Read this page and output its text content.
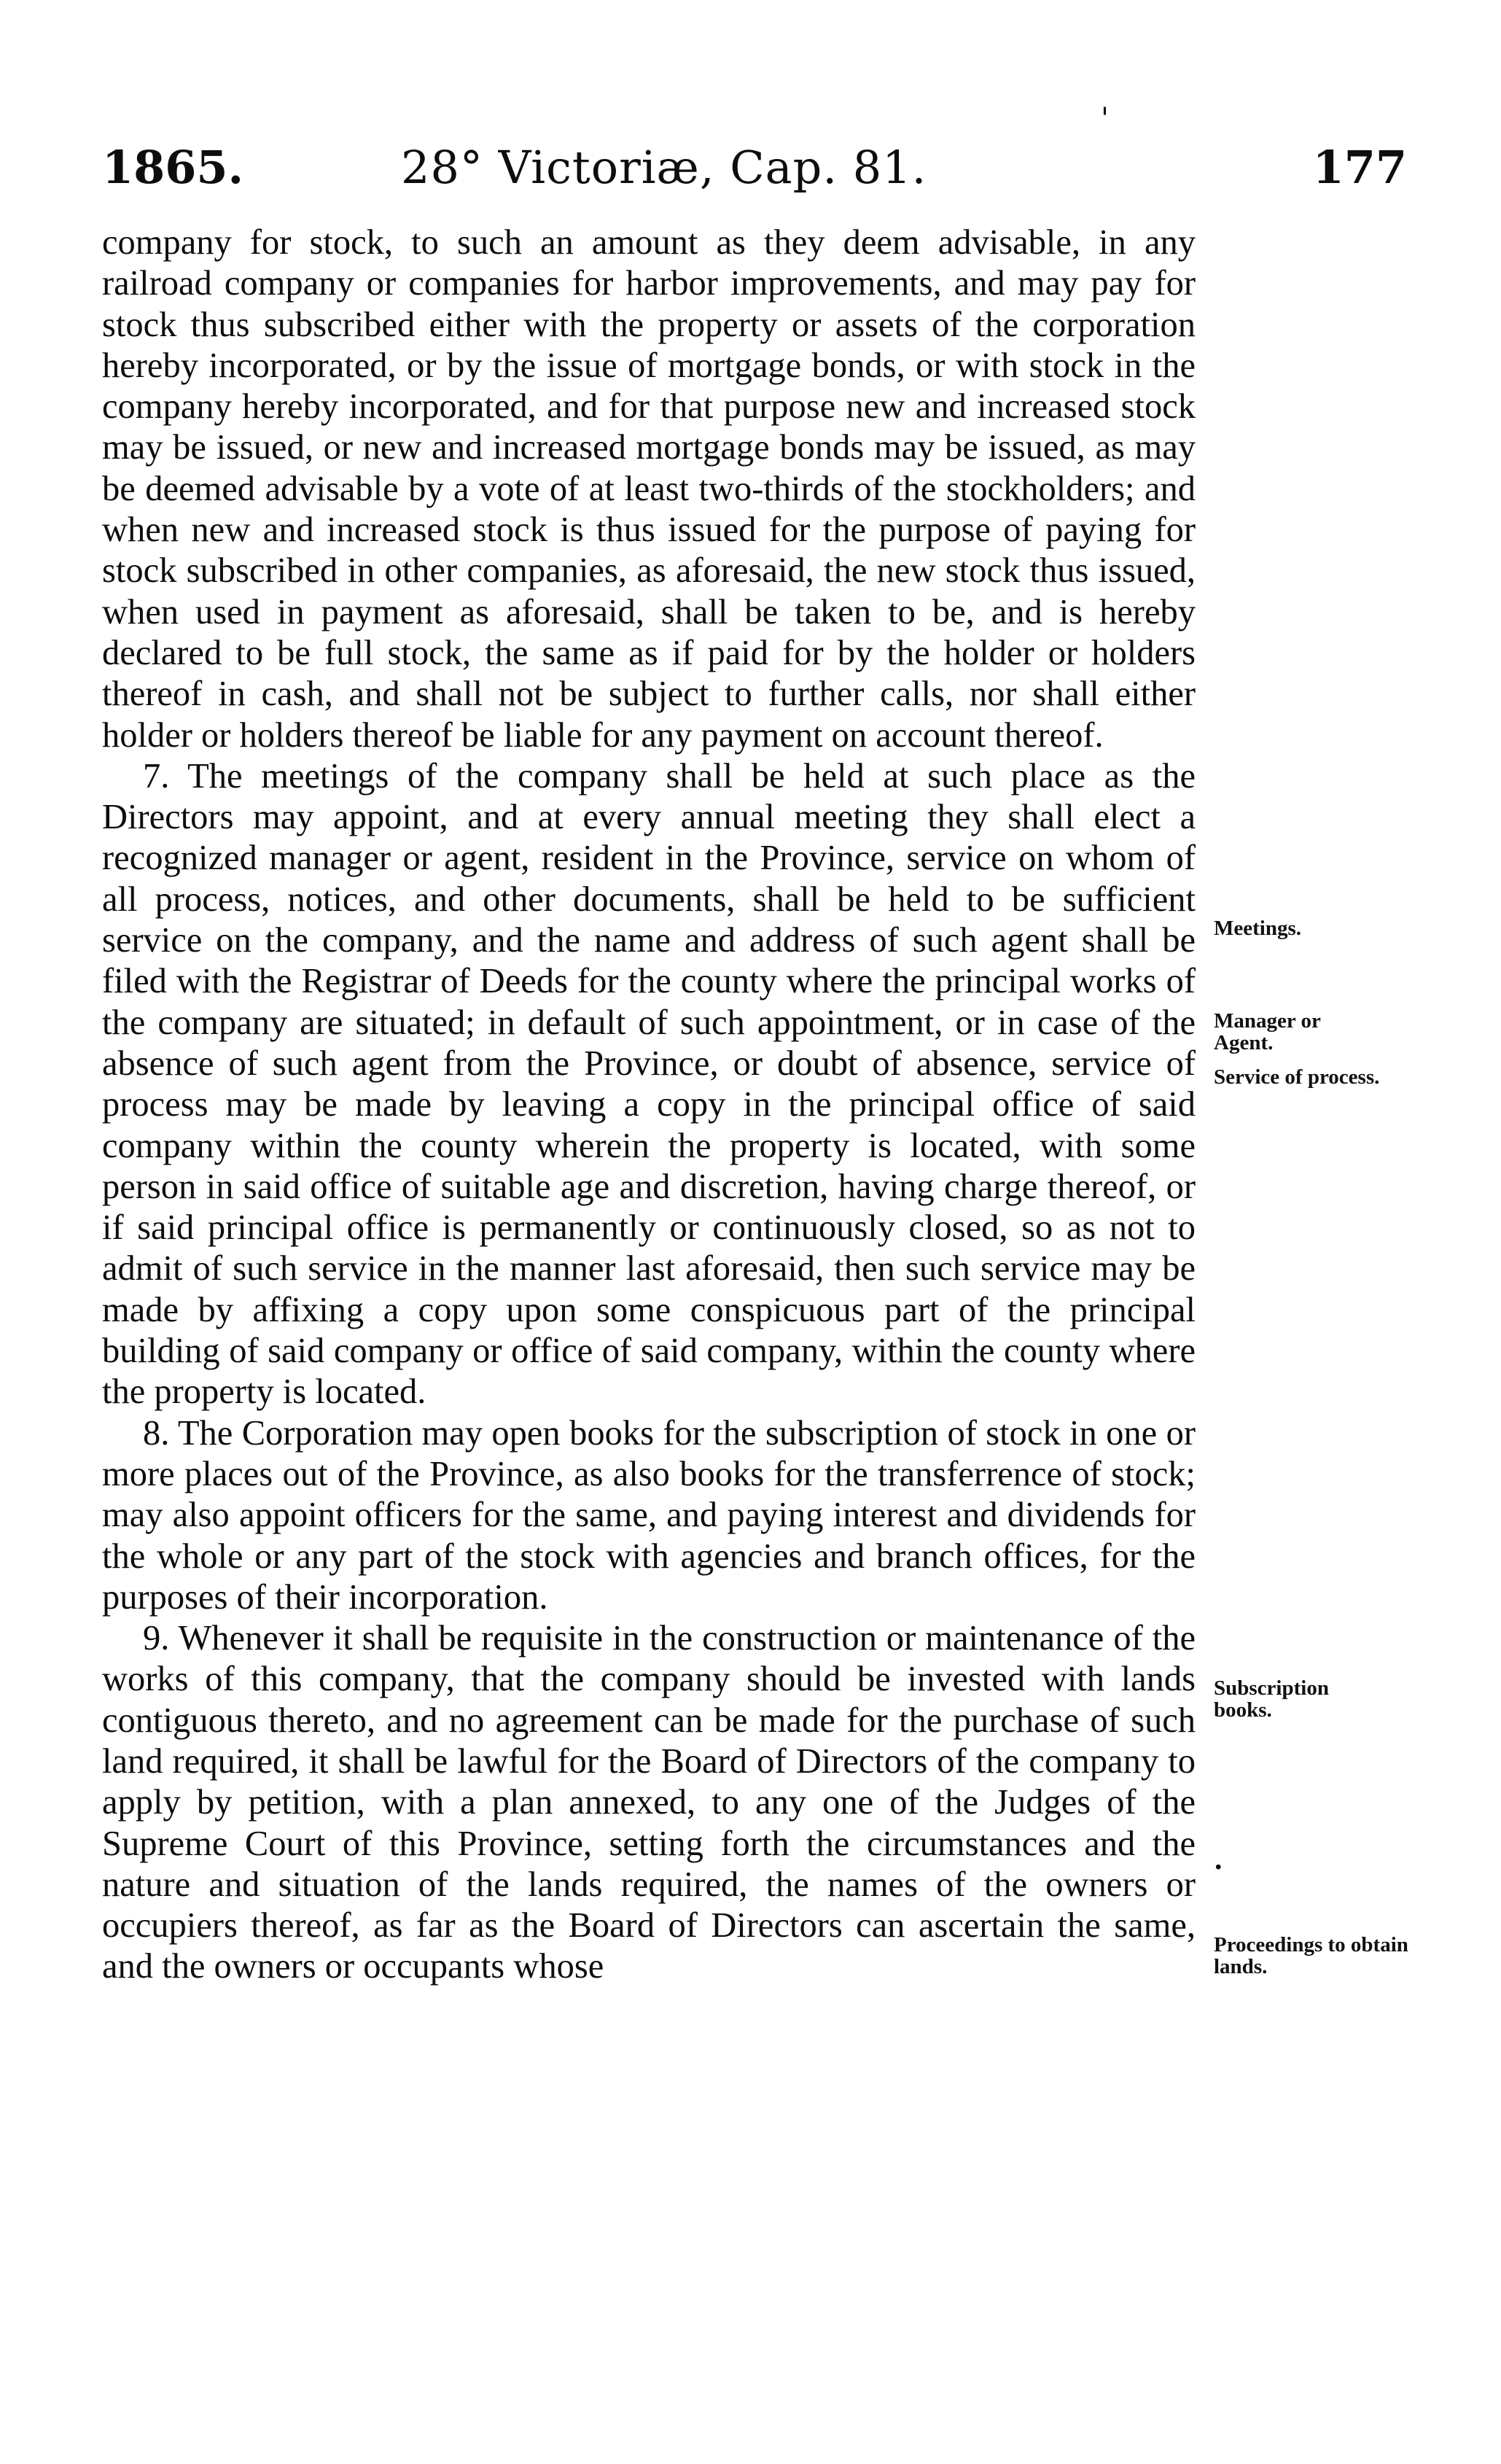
'
1865.	28° Victoriæ, Cap. 81.	177

company for stock, to such an amount as they deem advisable, in any railroad company or companies for harbor improvements, and may pay for stock thus subscribed either with the property or assets of the corporation hereby incorporated, or by the issue of mortgage bonds, or with stock in the company hereby incorporated, and for that purpose new and increased stock may be issued, or new and increased mortgage bonds may be issued, as may be deemed advisable by a vote of at least two-thirds of the stockholders; and when new and increased stock is thus issued for the purpose of paying for stock subscribed in other companies, as aforesaid, the new stock thus issued, when used in payment as aforesaid, shall be taken to be, and is hereby declared to be full stock, the same as if paid for by the holder or holders thereof in cash, and shall not be subject to further calls, nor shall either holder or holders thereof be liable for any payment on account thereof.

7. The meetings of the company shall be held at such place as the Directors may appoint, and at every annual meeting they shall elect a recognized manager or agent, resident in the Province, service on whom of all process, notices, and other documents, shall be held to be sufficient service on the company, and the name and address of such agent shall be filed with the Registrar of Deeds for the county where the principal works of the company are situated; in default of such appointment, or in case of the absence of such agent from the Province, or doubt of absence, service of process may be made by leaving a copy in the principal office of said company within the county wherein the property is located, with some person in said office of suitable age and discretion, having charge thereof, or if said principal office is permanently or continuously closed, so as not to admit of such service in the manner last aforesaid, then such service may be made by affixing a copy upon some conspicuous part of the principal building of said company or office of said company, within the county where the property is located.

8. The Corporation may open books for the subscription of stock in one or more places out of the Province, as also books for the transferrence of stock; may also appoint officers for the same, and paying interest and dividends for the whole or any part of the stock with agencies and branch offices, for the purposes of their incorporation.

9. Whenever it shall be requisite in the construction or maintenance of the works of this company, that the company should be invested with lands contiguous thereto, and no agreement can be made for the purchase of such land required, it shall be lawful for the Board of Directors of the company to apply by petition, with a plan annexed, to any one of the Judges of the Supreme Court of this Province, setting forth the circumstances and the nature and situation of the lands required, the names of the owners or occupiers thereof, as far as the Board of Directors can ascertain the same, and the owners or occupants whose

Meetings.
Manager or Agent.
Service of process.
Subscription books.
Proceedings to obtain lands.
·
